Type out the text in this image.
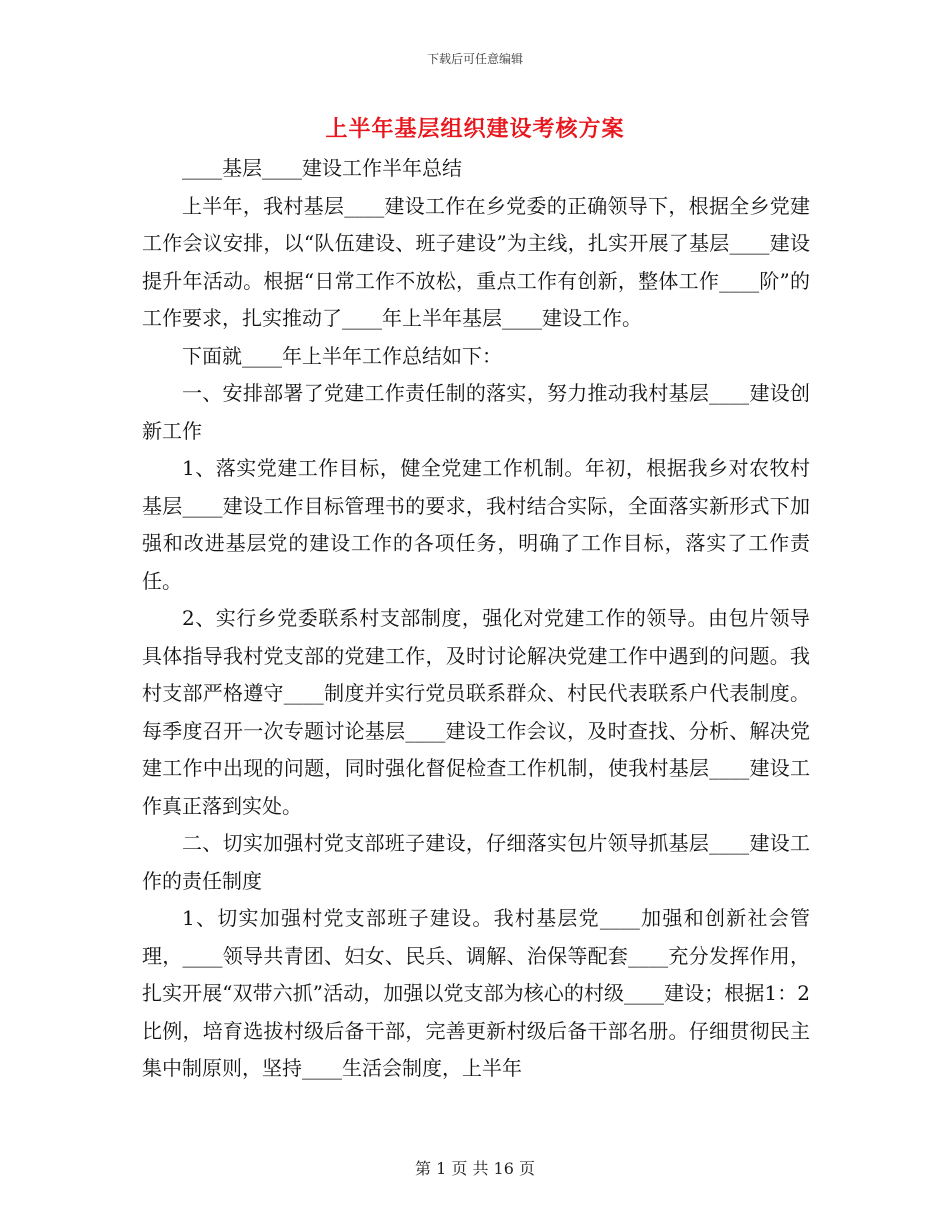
下载后可任意编辑
上半年基层组织建设考核方案

____基层____建设工作半年总结

上半年，我村基层____建设工作在乡党委的正确领导下，根据全乡党建工作会议安排，以“队伍建设、班子建设”为主线，扎实开展了基层____建设提升年活动。根据“日常工作不放松，重点工作有创新，整体工作____阶”的工作要求，扎实推动了____年上半年基层____建设工作。

下面就____年上半年工作总结如下：

一、安排部署了党建工作责任制的落实，努力推动我村基层____建设创新工作

1、落实党建工作目标，健全党建工作机制。年初，根据我乡对农牧村基层____建设工作目标管理书的要求，我村结合实际，全面落实新形式下加强和改进基层党的建设工作的各项任务，明确了工作目标，落实了工作责任。

2、实行乡党委联系村支部制度，强化对党建工作的领导。由包片领导具体指导我村党支部的党建工作，及时讨论解决党建工作中遇到的问题。我村支部严格遵守____制度并实行党员联系群众、村民代表联系户代表制度。每季度召开一次专题讨论基层____建设工作会议，及时查找、分析、解决党建工作中出现的问题，同时强化督促检查工作机制，使我村基层____建设工作真正落到实处。

二、切实加强村党支部班子建设，仔细落实包片领导抓基层____建设工作的责任制度

1、切实加强村党支部班子建设。我村基层党____加强和创新社会管理，____领导共青团、妇女、民兵、调解、治保等配套____充分发挥作用，扎实开展“双带六抓”活动，加强以党支部为核心的村级____建设；根据1：2比例，培育选拔村级后备干部，完善更新村级后备干部名册。仔细贯彻民主集中制原则，坚持____生活会制度，上半年

第 1 页 共 16 页
